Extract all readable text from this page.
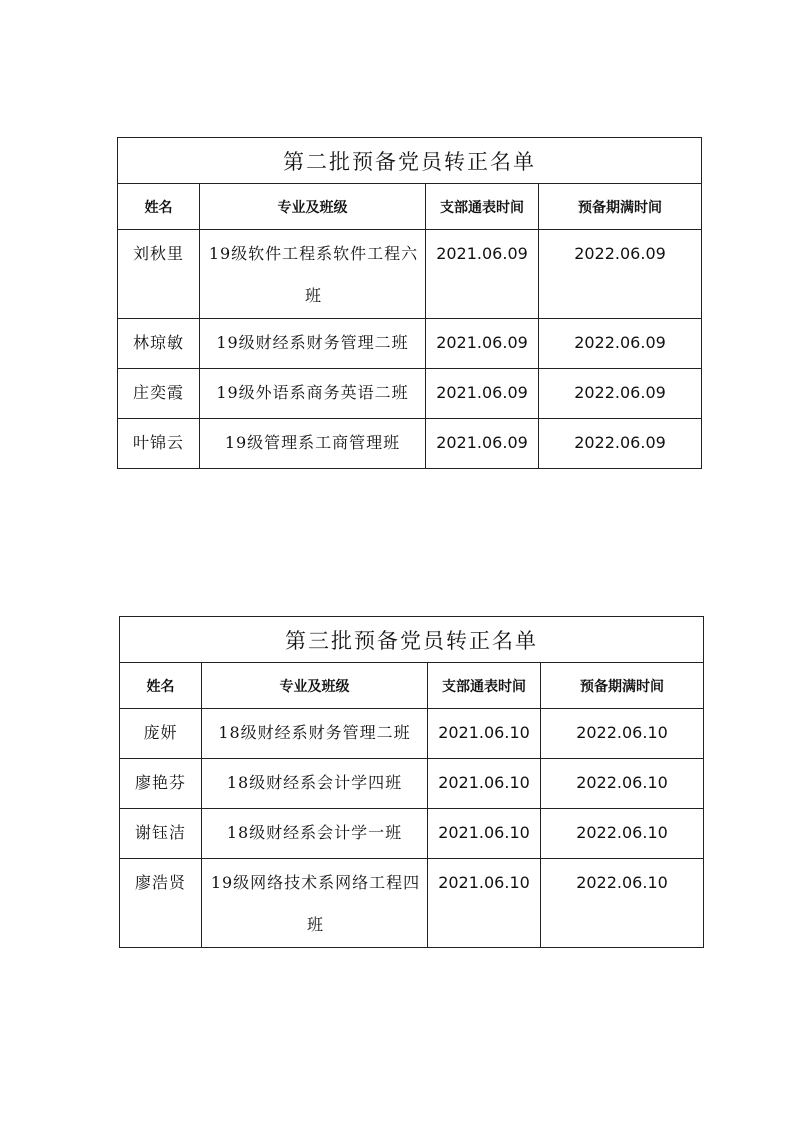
第二批预备党员转正名单			
姓名	专业及班级	支部通表时间	预备期满时间
刘秋里	19级软件工程系软件工程六班	2021.06.09	2022.06.09
林琼敏	19级财经系财务管理二班	2021.06.09	2022.06.09
庄奕霞	19级外语系商务英语二班	2021.06.09	2022.06.09
叶锦云	19级管理系工商管理班	2021.06.09	2022.06.09
第三批预备党员转正名单			
姓名	专业及班级	支部通表时间	预备期满时间
庞妍	18级财经系财务管理二班	2021.06.10	2022.06.10
廖艳芬	18级财经系会计学四班	2021.06.10	2022.06.10
谢钰洁	18级财经系会计学一班	2021.06.10	2022.06.10
廖浩贤	19级网络技术系网络工程四班	2021.06.10	2022.06.10
